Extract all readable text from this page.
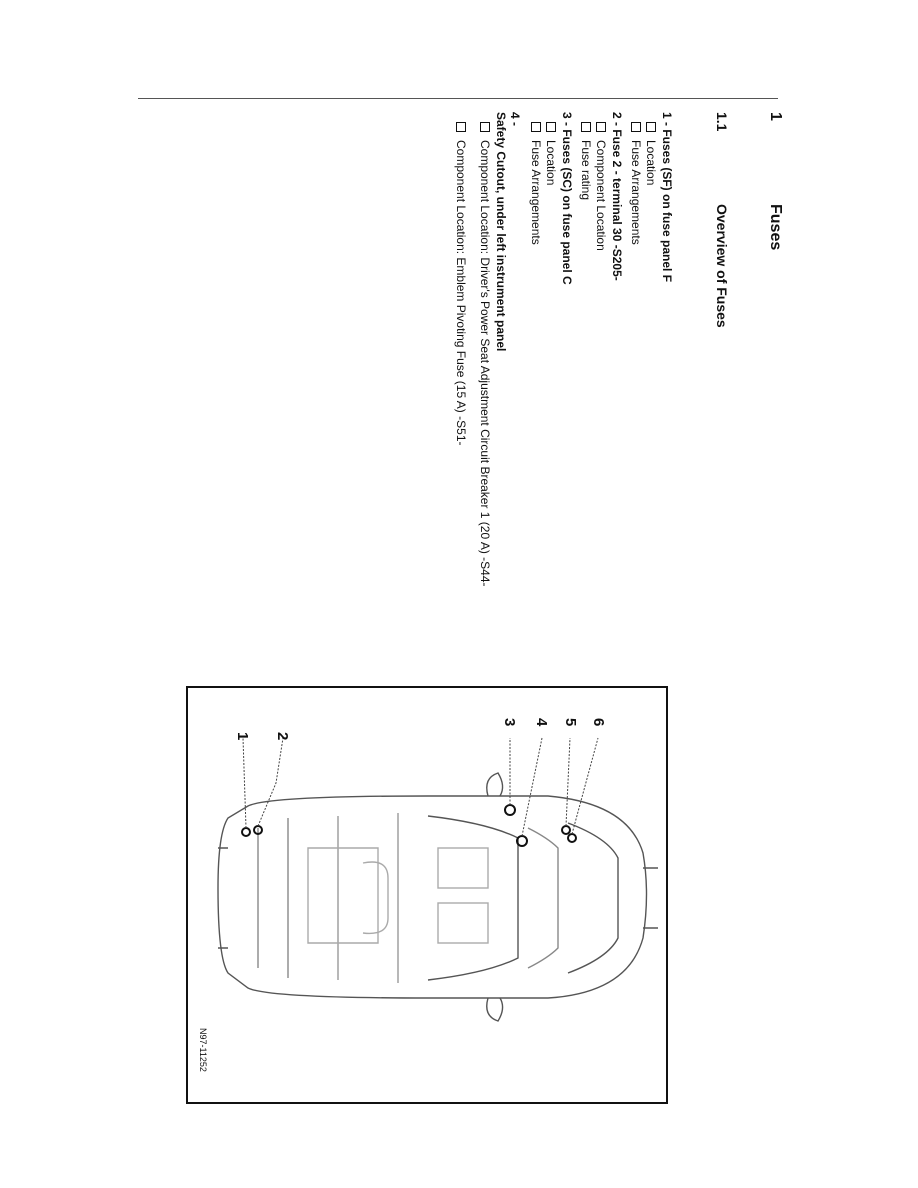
1
Fuses
1.1
Overview of Fuses
1 - Fuses (SF) on fuse panel F
Location
Fuse Arrangements
2 - Fuse 2 - terminal 30 -S205-
Component Location
Fuse rating
3 - Fuses (SC) on fuse panel C
Location
Fuse Arrangements
4 -
Safety Cutout, under left instrument panel
Component Location: Driver's Power Seat Adjustment Circuit Breaker 1 (20 A) -S44-
Component Location: Emblem Pivoting Fuse (15 A) -S51-
1 2
3 4 5 6
N97-11252
